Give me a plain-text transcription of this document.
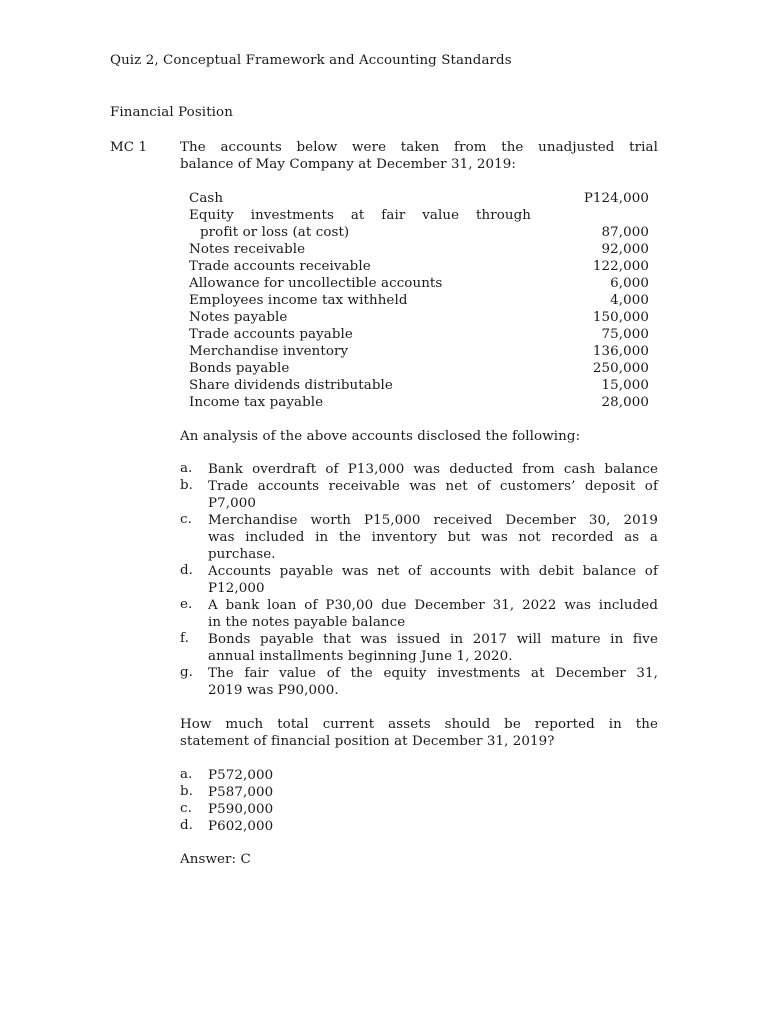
Quiz 2, Conceptual Framework and Accounting Standards
Financial Position
MC 1 The accounts below were taken from the unadjusted trial
balance of May Company at December 31, 2019:
Cash	P124,000
Equity investments at fair value through
profit or loss (at cost)	87,000
Notes receivable	92,000
Trade accounts receivable	122,000
Allowance for uncollectible accounts	6,000
Employees income tax withheld	4,000
Notes payable	150,000
Trade accounts payable	75,000
Merchandise inventory	136,000
Bonds payable	250,000
Share dividends distributable	15,000
Income tax payable	28,000
An analysis of the above accounts disclosed the following:
a.	Bank overdraft of P13,000 was deducted from cash balance
b.	Trade accounts receivable was net of customers’ deposit of
P7,000
c.	Merchandise worth P15,000 received December 30, 2019
was included in the inventory but was not recorded as a
purchase.
d.	Accounts payable was net of accounts with debit balance of
P12,000
e.	A bank loan of P30,00 due December 31, 2022 was included
in the notes payable balance
f.	Bonds payable that was issued in 2017 will mature in five
annual installments beginning June 1, 2020.
g.	The fair value of the equity investments at December 31,
2019 was P90,000.
How much total current assets should be reported in the
statement of financial position at December 31, 2019?
a.	P572,000
b.	P587,000
c.	P590,000
d.	P602,000
Answer: C
